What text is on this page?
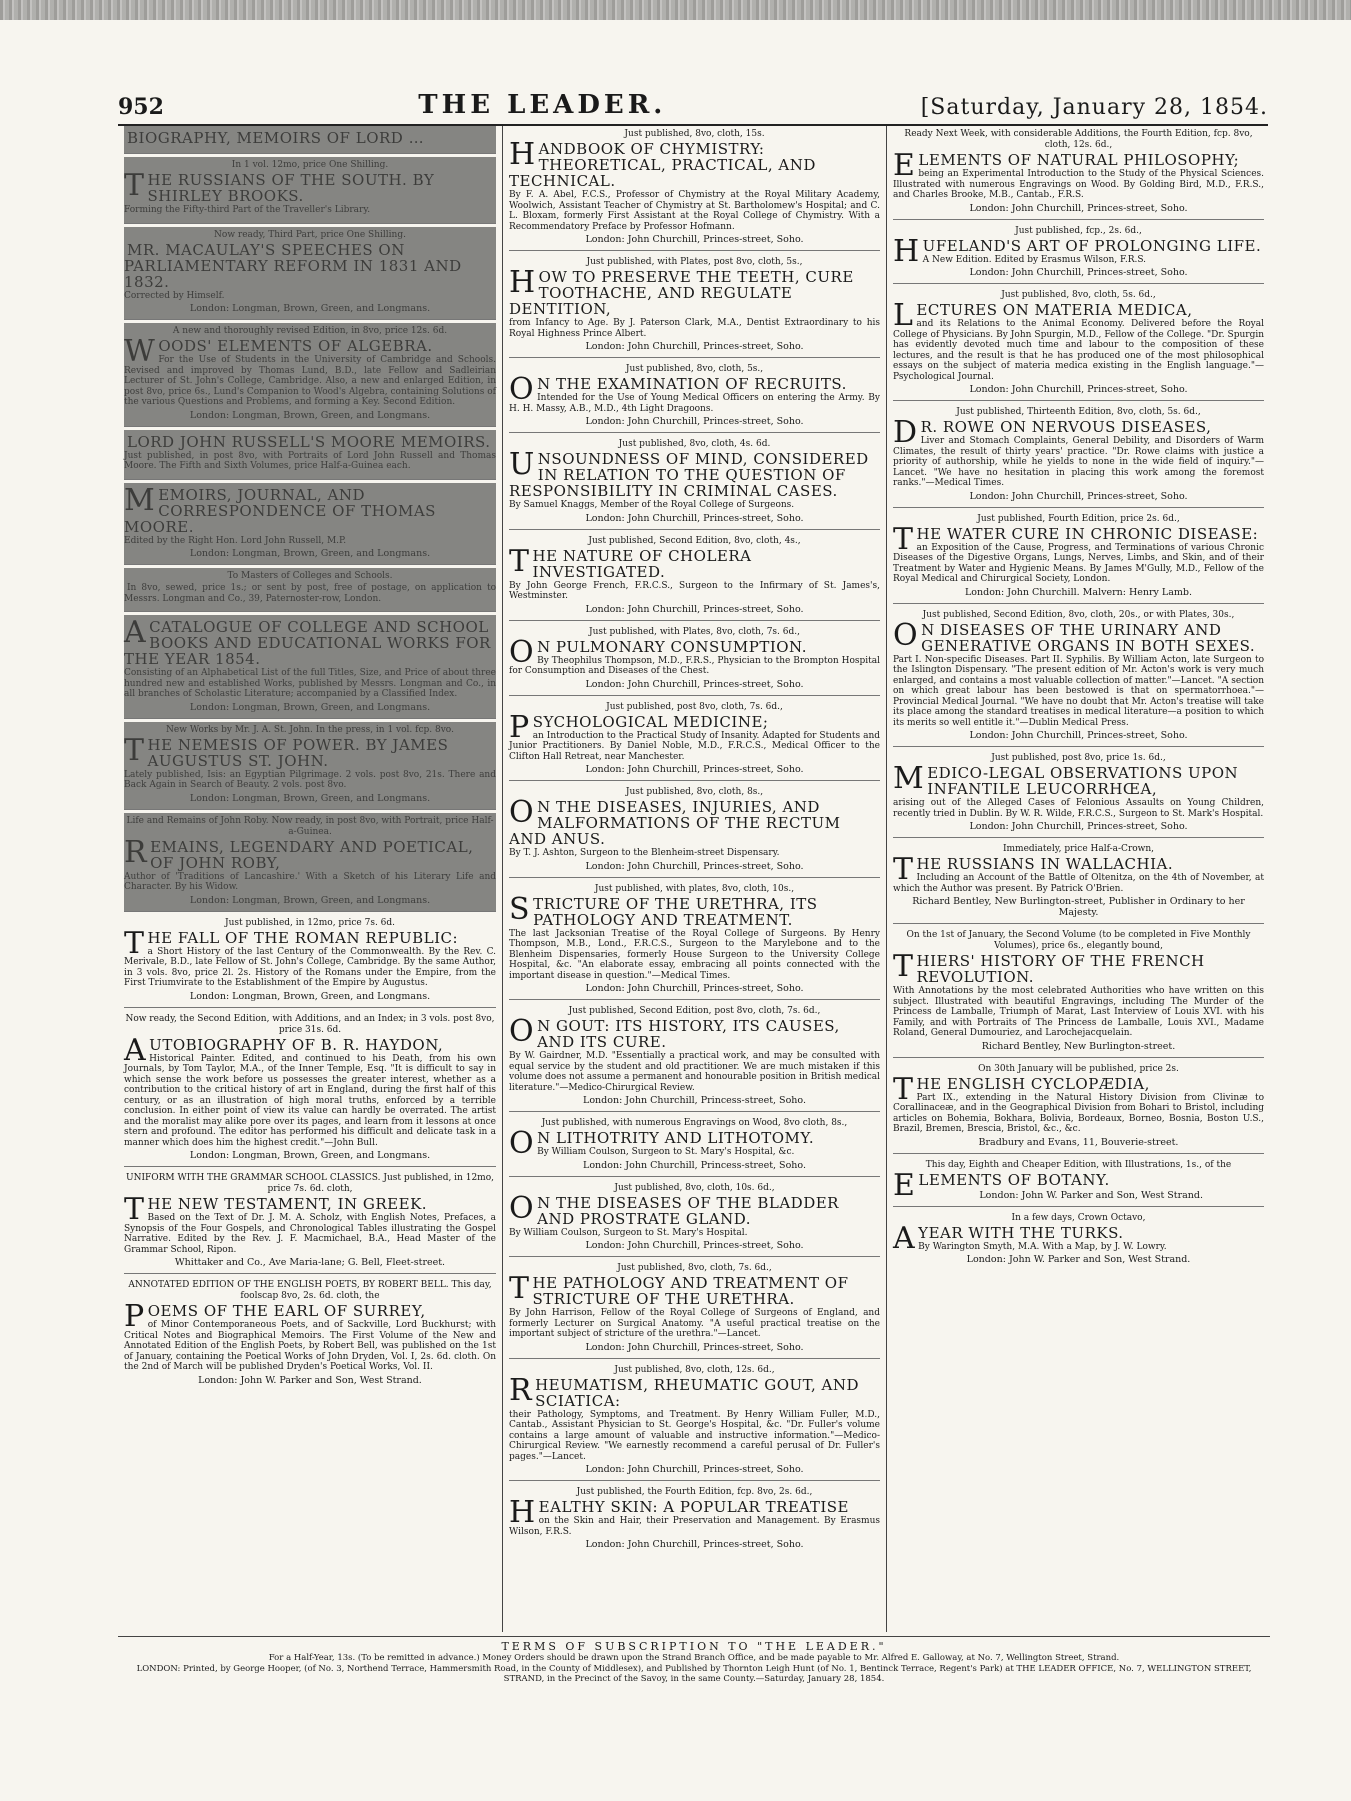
952	THE LEADER.	[Saturday, January 28, 1854.
BIOGRAPHY, MEMOIRS OF LORD …
In 1 vol. 12mo, price One Shilling.
THE RUSSIANS OF THE SOUTH. BY SHIRLEY BROOKS.
Forming the Fifty-third Part of the Traveller's Library.
Now ready, Third Part, price One Shilling.
MR. MACAULAY'S SPEECHES ON PARLIAMENTARY REFORM IN 1831 AND 1832.
Corrected by Himself.
London: Longman, Brown, Green, and Longmans.
A new and thoroughly revised Edition, in 8vo, price 12s. 6d.
WOODS' ELEMENTS OF ALGEBRA.
For the Use of Students in the University of Cambridge and Schools. Revised and improved by Thomas Lund, B.D., late Fellow and Sadleirian Lecturer of St. John's College, Cambridge. Also, a new and enlarged Edition, in post 8vo, price 6s., Lund's Companion to Wood's Algebra, containing Solutions of the various Questions and Problems, and forming a Key. Second Edition.
London: Longman, Brown, Green, and Longmans.
LORD JOHN RUSSELL'S MOORE MEMOIRS.
Just published, in post 8vo, with Portraits of Lord John Russell and Thomas Moore. The Fifth and Sixth Volumes, price Half-a-Guinea each.
MEMOIRS, JOURNAL, AND CORRESPONDENCE OF THOMAS MOORE.
Edited by the Right Hon. Lord John Russell, M.P.
London: Longman, Brown, Green, and Longmans.
To Masters of Colleges and Schools.
In 8vo, sewed, price 1s.; or sent by post, free of postage, on application to Messrs. Longman and Co., 39, Paternoster-row, London.
A CATALOGUE OF COLLEGE AND SCHOOL BOOKS AND EDUCATIONAL WORKS FOR THE YEAR 1854.
Consisting of an Alphabetical List of the full Titles, Size, and Price of about three hundred new and established Works, published by Messrs. Longman and Co., in all branches of Scholastic Literature; accompanied by a Classified Index.
London: Longman, Brown, Green, and Longmans.
New Works by Mr. J. A. St. John. In the press, in 1 vol. fcp. 8vo.
THE NEMESIS OF POWER. BY JAMES AUGUSTUS ST. JOHN.
Lately published, Isis: an Egyptian Pilgrimage. 2 vols. post 8vo, 21s. There and Back Again in Search of Beauty. 2 vols. post 8vo.
London: Longman, Brown, Green, and Longmans.
Life and Remains of John Roby. Now ready, in post 8vo, with Portrait, price Half-a-Guinea.
REMAINS, LEGENDARY AND POETICAL, OF JOHN ROBY,
Author of 'Traditions of Lancashire.' With a Sketch of his Literary Life and Character. By his Widow.
London: Longman, Brown, Green, and Longmans.
Just published, in 12mo, price 7s. 6d.
THE FALL OF THE ROMAN REPUBLIC:
a Short History of the last Century of the Commonwealth. By the Rev. C. Merivale, B.D., late Fellow of St. John's College, Cambridge. By the same Author, in 3 vols. 8vo, price 2l. 2s. History of the Romans under the Empire, from the First Triumvirate to the Establishment of the Empire by Augustus.
London: Longman, Brown, Green, and Longmans.
Now ready, the Second Edition, with Additions, and an Index; in 3 vols. post 8vo, price 31s. 6d.
AUTOBIOGRAPHY OF B. R. HAYDON,
Historical Painter. Edited, and continued to his Death, from his own Journals, by Tom Taylor, M.A., of the Inner Temple, Esq. "It is difficult to say in which sense the work before us possesses the greater interest, whether as a contribution to the critical history of art in England, during the first half of this century, or as an illustration of high moral truths, enforced by a terrible conclusion. In either point of view its value can hardly be overrated. The artist and the moralist may alike pore over its pages, and learn from it lessons at once stern and profound. The editor has performed his difficult and delicate task in a manner which does him the highest credit."—John Bull.
London: Longman, Brown, Green, and Longmans.
UNIFORM WITH THE GRAMMAR SCHOOL CLASSICS. Just published, in 12mo, price 7s. 6d. cloth,
THE NEW TESTAMENT, IN GREEK.
Based on the Text of Dr. J. M. A. Scholz, with English Notes, Prefaces, a Synopsis of the Four Gospels, and Chronological Tables illustrating the Gospel Narrative. Edited by the Rev. J. F. Macmichael, B.A., Head Master of the Grammar School, Ripon.
Whittaker and Co., Ave Maria-lane; G. Bell, Fleet-street.
ANNOTATED EDITION OF THE ENGLISH POETS, BY ROBERT BELL. This day, foolscap 8vo, 2s. 6d. cloth, the
POEMS OF THE EARL OF SURREY,
of Minor Contemporaneous Poets, and of Sackville, Lord Buckhurst; with Critical Notes and Biographical Memoirs. The First Volume of the New and Annotated Edition of the English Poets, by Robert Bell, was published on the 1st of January, containing the Poetical Works of John Dryden, Vol. I, 2s. 6d. cloth. On the 2nd of March will be published Dryden's Poetical Works, Vol. II.
London: John W. Parker and Son, West Strand.
Just published, 8vo, cloth, 15s.
HANDBOOK OF CHYMISTRY: THEORETICAL, PRACTICAL, AND TECHNICAL.
By F. A. Abel, F.C.S., Professor of Chymistry at the Royal Military Academy, Woolwich, Assistant Teacher of Chymistry at St. Bartholomew's Hospital; and C. L. Bloxam, formerly First Assistant at the Royal College of Chymistry. With a Recommendatory Preface by Professor Hofmann.
London: John Churchill, Princes-street, Soho.
Just published, with Plates, post 8vo, cloth, 5s.,
HOW TO PRESERVE THE TEETH, CURE TOOTHACHE, AND REGULATE DENTITION,
from Infancy to Age. By J. Paterson Clark, M.A., Dentist Extraordinary to his Royal Highness Prince Albert.
London: John Churchill, Princes-street, Soho.
Just published, 8vo, cloth, 5s.,
ON THE EXAMINATION OF RECRUITS.
Intended for the Use of Young Medical Officers on entering the Army. By H. H. Massy, A.B., M.D., 4th Light Dragoons.
London: John Churchill, Princes-street, Soho.
Just published, 8vo, cloth, 4s. 6d.
UNSOUNDNESS OF MIND, CONSIDERED IN RELATION TO THE QUESTION OF RESPONSIBILITY IN CRIMINAL CASES.
By Samuel Knaggs, Member of the Royal College of Surgeons.
London: John Churchill, Princes-street, Soho.
Just published, Second Edition, 8vo, cloth, 4s.,
THE NATURE OF CHOLERA INVESTIGATED.
By John George French, F.R.C.S., Surgeon to the Infirmary of St. James's, Westminster.
London: John Churchill, Princes-street, Soho.
Just published, with Plates, 8vo, cloth, 7s. 6d.,
ON PULMONARY CONSUMPTION.
By Theophilus Thompson, M.D., F.R.S., Physician to the Brompton Hospital for Consumption and Diseases of the Chest.
London: John Churchill, Princes-street, Soho.
Just published, post 8vo, cloth, 7s. 6d.,
PSYCHOLOGICAL MEDICINE;
an Introduction to the Practical Study of Insanity. Adapted for Students and Junior Practitioners. By Daniel Noble, M.D., F.R.C.S., Medical Officer to the Clifton Hall Retreat, near Manchester.
London: John Churchill, Princes-street, Soho.
Just published, 8vo, cloth, 8s.,
ON THE DISEASES, INJURIES, AND MALFORMATIONS OF THE RECTUM AND ANUS.
By T. J. Ashton, Surgeon to the Blenheim-street Dispensary.
London: John Churchill, Princes-street, Soho.
Just published, with plates, 8vo, cloth, 10s.,
STRICTURE OF THE URETHRA, ITS PATHOLOGY AND TREATMENT.
The last Jacksonian Treatise of the Royal College of Surgeons. By Henry Thompson, M.B., Lond., F.R.C.S., Surgeon to the Marylebone and to the Blenheim Dispensaries, formerly House Surgeon to the University College Hospital, &c. "An elaborate essay, embracing all points connected with the important disease in question."—Medical Times.
London: John Churchill, Princes-street, Soho.
Just published, Second Edition, post 8vo, cloth, 7s. 6d.,
ON GOUT: ITS HISTORY, ITS CAUSES, AND ITS CURE.
By W. Gairdner, M.D. "Essentially a practical work, and may be consulted with equal service by the student and old practitioner. We are much mistaken if this volume does not assume a permanent and honourable position in British medical literature."—Medico-Chirurgical Review.
London: John Churchill, Princess-street, Soho.
Just published, with numerous Engravings on Wood, 8vo cloth, 8s.,
ON LITHOTRITY AND LITHOTOMY.
By William Coulson, Surgeon to St. Mary's Hospital, &c.
London: John Churchill, Princess-street, Soho.
Just published, 8vo, cloth, 10s. 6d.,
ON THE DISEASES OF THE BLADDER AND PROSTRATE GLAND.
By William Coulson, Surgeon to St. Mary's Hospital.
London: John Churchill, Princes-street, Soho.
Just published, 8vo, cloth, 7s. 6d.,
THE PATHOLOGY AND TREATMENT OF STRICTURE OF THE URETHRA.
By John Harrison, Fellow of the Royal College of Surgeons of England, and formerly Lecturer on Surgical Anatomy. "A useful practical treatise on the important subject of stricture of the urethra."—Lancet.
London: John Churchill, Princes-street, Soho.
Just published, 8vo, cloth, 12s. 6d.,
RHEUMATISM, RHEUMATIC GOUT, AND SCIATICA:
their Pathology, Symptoms, and Treatment. By Henry William Fuller, M.D., Cantab., Assistant Physician to St. George's Hospital, &c. "Dr. Fuller's volume contains a large amount of valuable and instructive information."—Medico-Chirurgical Review. "We earnestly recommend a careful perusal of Dr. Fuller's pages."—Lancet.
London: John Churchill, Princes-street, Soho.
Just published, the Fourth Edition, fcp. 8vo, 2s. 6d.,
HEALTHY SKIN: A POPULAR TREATISE
on the Skin and Hair, their Preservation and Management. By Erasmus Wilson, F.R.S.
London: John Churchill, Princes-street, Soho.
Ready Next Week, with considerable Additions, the Fourth Edition, fcp. 8vo, cloth, 12s. 6d.,
ELEMENTS OF NATURAL PHILOSOPHY;
being an Experimental Introduction to the Study of the Physical Sciences. Illustrated with numerous Engravings on Wood. By Golding Bird, M.D., F.R.S., and Charles Brooke, M.B., Cantab., F.R.S.
London: John Churchill, Princes-street, Soho.
Just published, fcp., 2s. 6d.,
HUFELAND'S ART OF PROLONGING LIFE.
A New Edition. Edited by Erasmus Wilson, F.R.S.
London: John Churchill, Princes-street, Soho.
Just published, 8vo, cloth, 5s. 6d.,
LECTURES ON MATERIA MEDICA,
and its Relations to the Animal Economy. Delivered before the Royal College of Physicians. By John Spurgin, M.D., Fellow of the College. "Dr. Spurgin has evidently devoted much time and labour to the composition of these lectures, and the result is that he has produced one of the most philosophical essays on the subject of materia medica existing in the English language."—Psychological Journal.
London: John Churchill, Princes-street, Soho.
Just published, Thirteenth Edition, 8vo, cloth, 5s. 6d.,
DR. ROWE ON NERVOUS DISEASES,
Liver and Stomach Complaints, General Debility, and Disorders of Warm Climates, the result of thirty years' practice. "Dr. Rowe claims with justice a priority of authorship, while he yields to none in the wide field of inquiry."—Lancet. "We have no hesitation in placing this work among the foremost ranks."—Medical Times.
London: John Churchill, Princes-street, Soho.
Just published, Fourth Edition, price 2s. 6d.,
THE WATER CURE IN CHRONIC DISEASE:
an Exposition of the Cause, Progress, and Terminations of various Chronic Diseases of the Digestive Organs, Lungs, Nerves, Limbs, and Skin, and of their Treatment by Water and Hygienic Means. By James M'Gully, M.D., Fellow of the Royal Medical and Chirurgical Society, London.
London: John Churchill. Malvern: Henry Lamb.
Just published, Second Edition, 8vo, cloth, 20s., or with Plates, 30s.,
ON DISEASES OF THE URINARY AND GENERATIVE ORGANS IN BOTH SEXES.
Part I. Non-specific Diseases. Part II. Syphilis. By William Acton, late Surgeon to the Islington Dispensary. "The present edition of Mr. Acton's work is very much enlarged, and contains a most valuable collection of matter."—Lancet. "A section on which great labour has been bestowed is that on spermatorrhoea."—Provincial Medical Journal. "We have no doubt that Mr. Acton's treatise will take its place among the standard treatises in medical literature—a position to which its merits so well entitle it."—Dublin Medical Press.
London: John Churchill, Princes-street, Soho.
Just published, post 8vo, price 1s. 6d.,
MEDICO-LEGAL OBSERVATIONS UPON INFANTILE LEUCORRHŒA,
arising out of the Alleged Cases of Felonious Assaults on Young Children, recently tried in Dublin. By W. R. Wilde, F.R.C.S., Surgeon to St. Mark's Hospital.
London: John Churchill, Princes-street, Soho.
Immediately, price Half-a-Crown,
THE RUSSIANS IN WALLACHIA.
Including an Account of the Battle of Oltenitza, on the 4th of November, at which the Author was present. By Patrick O'Brien.
Richard Bentley, New Burlington-street, Publisher in Ordinary to her Majesty.
On the 1st of January, the Second Volume (to be completed in Five Monthly Volumes), price 6s., elegantly bound,
THIERS' HISTORY OF THE FRENCH REVOLUTION.
With Annotations by the most celebrated Authorities who have written on this subject. Illustrated with beautiful Engravings, including The Murder of the Princess de Lamballe, Triumph of Marat, Last Interview of Louis XVI. with his Family, and with Portraits of The Princess de Lamballe, Louis XVI., Madame Roland, General Dumouriez, and Larochejacquelain.
Richard Bentley, New Burlington-street.
On 30th January will be published, price 2s.
THE ENGLISH CYCLOPÆDIA,
Part IX., extending in the Natural History Division from Clivinæ to Corallinaceæ, and in the Geographical Division from Bohari to Bristol, including articles on Bohemia, Bokhara, Bolivia, Bordeaux, Borneo, Bosnia, Boston U.S., Brazil, Bremen, Brescia, Bristol, &c., &c.
Bradbury and Evans, 11, Bouverie-street.
This day, Eighth and Cheaper Edition, with Illustrations, 1s., of the
ELEMENTS OF BOTANY.
London: John W. Parker and Son, West Strand.
In a few days, Crown Octavo,
A YEAR WITH THE TURKS.
By Warington Smyth, M.A. With a Map, by J. W. Lowry.
London: John W. Parker and Son, West Strand.
TERMS OF SUBSCRIPTION TO "THE LEADER."
For a Half-Year, 13s. (To be remitted in advance.) Money Orders should be drawn upon the Strand Branch Office, and be made payable to Mr. Alfred E. Galloway, at No. 7, Wellington Street, Strand.
LONDON: Printed, by George Hooper, (of No. 3, Northend Terrace, Hammersmith Road, in the County of Middlesex), and Published by Thornton Leigh Hunt (of No. 1, Bentinck Terrace, Regent's Park) at THE LEADER OFFICE, No. 7, WELLINGTON STREET, STRAND, in the Precinct of the Savoy, in the same County.—Saturday, January 28, 1854.
